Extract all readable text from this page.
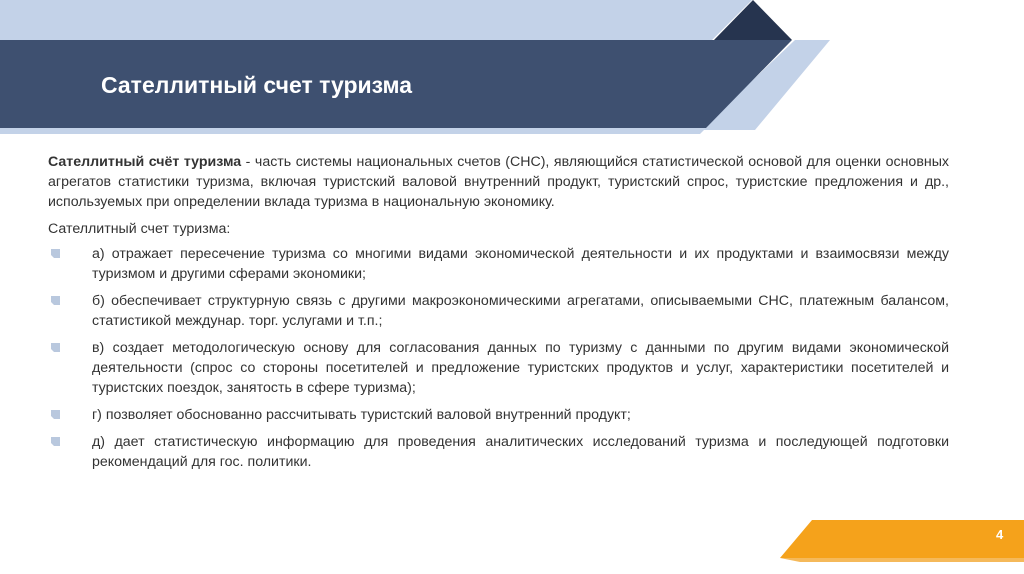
Сателлитный счет туризма

Сателлитный счёт туризма - часть системы национальных счетов (СНС), являющийся статистической основой для оценки основных агрегатов статистики туризма, включая туристский валовой внутренний продукт, туристский спрос, туристские предложения и др., используемых при определении вклада туризма в национальную экономику.

Сателлитный счет туризма:

а) отражает пересечение туризма со многими видами экономической деятельности и их продуктами и взаимосвязи между туризмом и другими сферами экономики;
б) обеспечивает структурную связь с другими макроэкономическими агрегатами, описываемыми СНС, платежным балансом, статистикой междунар. торг. услугами и т.п.;
в) создает методологическую основу для согласования данных по туризму с данными по другим видами экономической деятельности (спрос со стороны посетителей и предложение туристских продуктов и услуг, характеристики посетителей и туристских поездок, занятость в сфере туризма);
г) позволяет обоснованно рассчитывать туристский валовой внутренний продукт;
д) дает статистическую информацию для проведения аналитических исследований туризма и последующей подготовки рекомендаций для гос. политики.
4
